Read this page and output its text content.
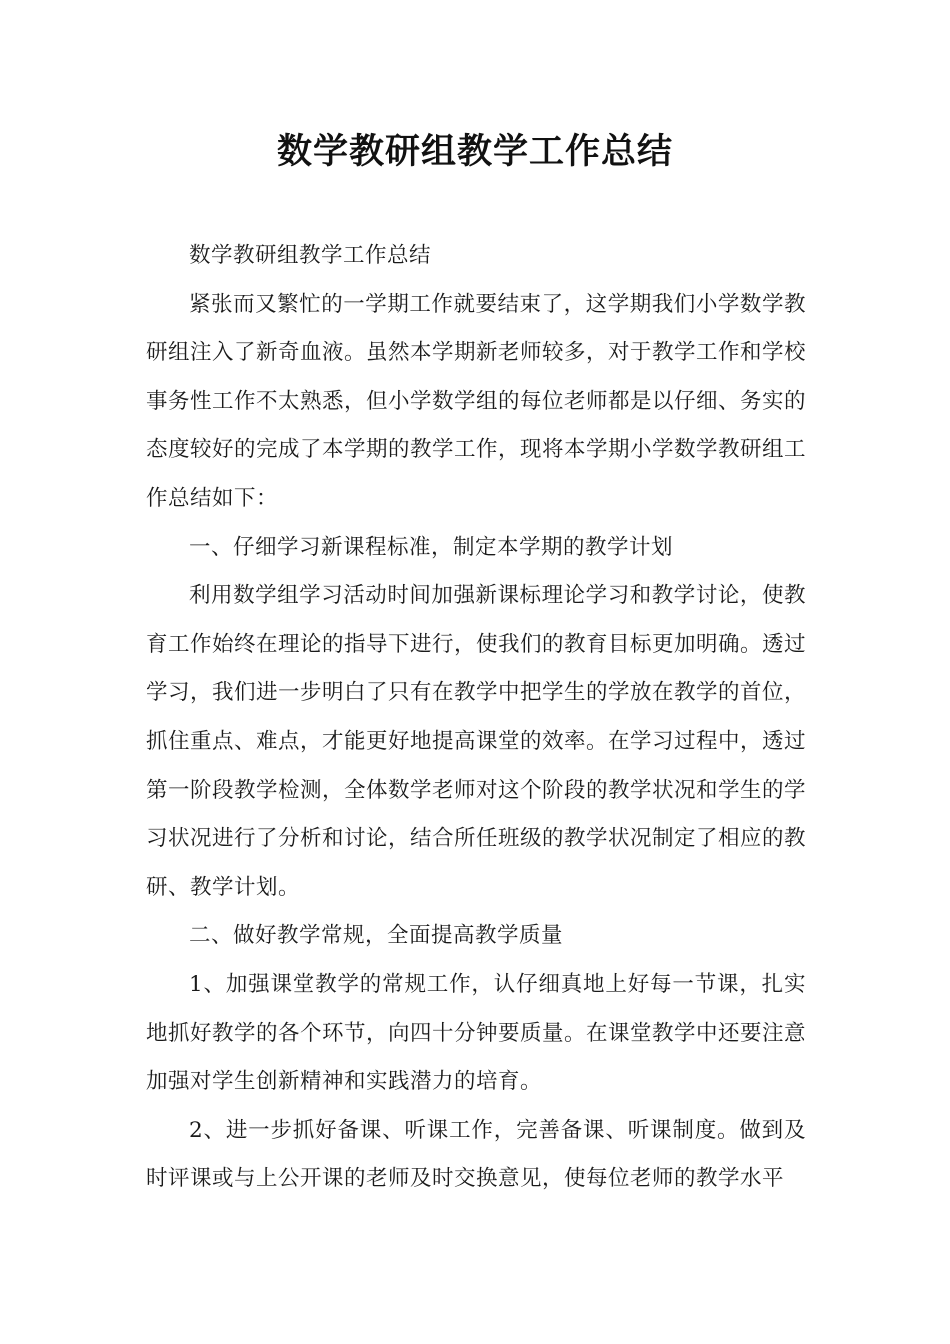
数学教研组教学工作总结

数学教研组教学工作总结

紧张而又繁忙的一学期工作就要结束了，这学期我们小学数学教研组注入了新奇血液。虽然本学期新老师较多，对于教学工作和学校事务性工作不太熟悉，但小学数学组的每位老师都是以仔细、务实的态度较好的完成了本学期的教学工作，现将本学期小学数学教研组工作总结如下：

一、仔细学习新课程标准，制定本学期的教学计划

利用数学组学习活动时间加强新课标理论学习和教学讨论，使教育工作始终在理论的指导下进行，使我们的教育目标更加明确。透过学习，我们进一步明白了只有在教学中把学生的学放在教学的首位，抓住重点、难点，才能更好地提高课堂的效率。在学习过程中，透过第一阶段教学检测，全体数学老师对这个阶段的教学状况和学生的学习状况进行了分析和讨论，结合所任班级的教学状况制定了相应的教研、教学计划。

二、做好教学常规，全面提高教学质量

1、加强课堂教学的常规工作，认仔细真地上好每一节课，扎实地抓好教学的各个环节，向四十分钟要质量。在课堂教学中还要注意加强对学生创新精神和实践潜力的培育。

2、进一步抓好备课、听课工作，完善备课、听课制度。做到及时评课或与上公开课的老师及时交换意见，使每位老师的教学水平
